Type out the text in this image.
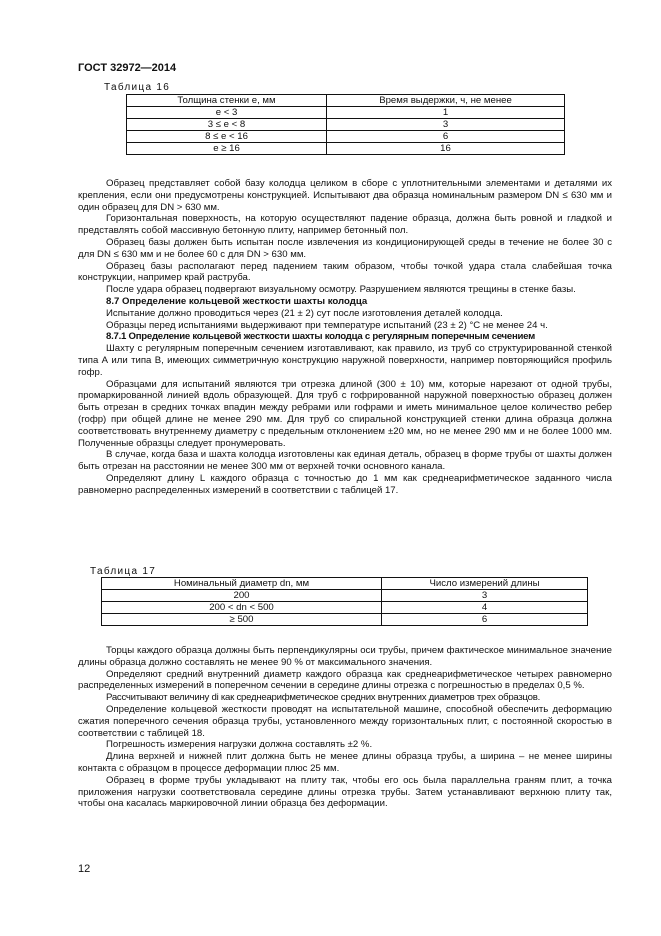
ГОСТ 32972—2014
Таблица 16
Толщина стенки e, мм	Время выдержки, ч, не менее
e < 3	1
3 ≤ e < 8	3
8 ≤ e < 16	6
e ≥ 16	16

Образец представляет собой базу колодца целиком в сборе с уплотнительными элементами и деталями их крепления, если они предусмотрены конструкцией. Испытывают два образца номинальным размером DN ≤ 630 мм и один образец для DN > 630 мм.

Горизонтальная поверхность, на которую осуществляют падение образца, должна быть ровной и гладкой и представлять собой массивную бетонную плиту, например бетонный пол.

Образец базы должен быть испытан после извлечения из кондиционирующей среды в течение не более 30 с для DN ≤ 630 мм и не более 60 с для DN > 630 мм.

Образец базы располагают перед падением таким образом, чтобы точкой удара стала слабейшая точка конструкции, например край раструба.

После удара образец подвергают визуальному осмотру. Разрушением являются трещины в стенке базы.

8.7 Определение кольцевой жесткости шахты колодца

Испытание должно проводиться через (21 ± 2) сут после изготовления деталей колодца.

Образцы перед испытаниями выдерживают при температуре испытаний (23 ± 2) °С не менее 24 ч.

8.7.1 Определение кольцевой жесткости шахты колодца с регулярным поперечным сечением

Шахту с регулярным поперечным сечением изготавливают, как правило, из труб со структурированной стенкой типа А или типа В, имеющих симметричную конструкцию наружной поверхности, например повторяющийся профиль гофр.

Образцами для испытаний являются три отрезка длиной (300 ± 10) мм, которые нарезают от одной трубы, промаркированной линией вдоль образующей. Для труб с гофрированной наружной поверхностью образец должен быть отрезан в средних точках впадин между ребрами или гофрами и иметь минимальное целое количество ребер (гофр) при общей длине не менее 290 мм. Для труб со спиральной конструкцией стенки длина образца должна соответствовать внутреннему диаметру с предельным отклонением ±20 мм, но не менее 290 мм и не более 1000 мм. Полученные образцы следует пронумеровать.

В случае, когда база и шахта колодца изготовлены как единая деталь, образец в форме трубы от шахты должен быть отрезан на расстоянии не менее 300 мм от верхней точки основного канала.

Определяют длину L каждого образца с точностью до 1 мм как среднеарифметическое заданного числа равномерно распределенных измерений в соответствии с таблицей 17.

Таблица 17
Номинальный диаметр dn, мм	Число измерений длины
200	3
200 < dn < 500	4
≥ 500	6

Торцы каждого образца должны быть перпендикулярны оси трубы, причем фактическое минимальное значение длины образца должно составлять не менее 90 % от максимального значения.

Определяют средний внутренний диаметр каждого образца как среднеарифметическое четырех равномерно распределенных измерений в поперечном сечении в середине длины отрезка с погрешностью в пределах 0,5 %.

Рассчитывают величину di как среднеарифметическое средних внутренних диаметров трех образцов.

Определение кольцевой жесткости проводят на испытательной машине, способной обеспечить деформацию сжатия поперечного сечения образца трубы, установленного между горизонтальных плит, с постоянной скоростью в соответствии с таблицей 18.

Погрешность измерения нагрузки должна составлять ±2 %.

Длина верхней и нижней плит должна быть не менее длины образца трубы, а ширина – не менее ширины контакта с образцом в процессе деформации плюс 25 мм.

Образец в форме трубы укладывают на плиту так, чтобы его ось была параллельна граням плит, а точка приложения нагрузки соответствовала середине длины отрезка трубы. Затем устанавливают верхнюю плиту так, чтобы она касалась маркировочной линии образца без деформации.

12
